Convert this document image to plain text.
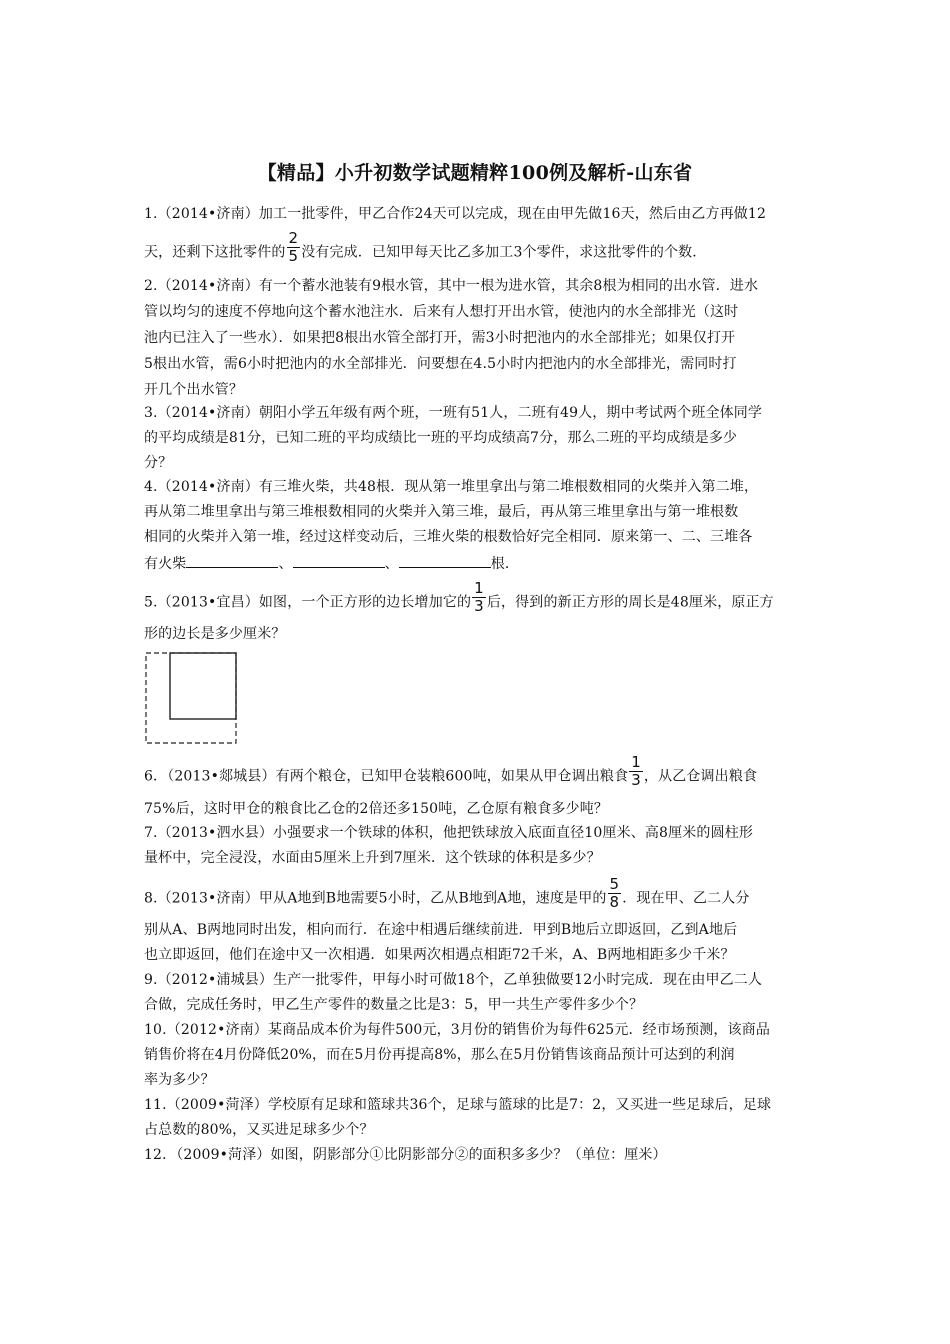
【精品】小升初数学试题精粹100例及解析-山东省
1.（2014•济南）加工一批零件，甲乙合作24天可以完成，现在由甲先做16天，然后由乙方再做12
天，还剩下这批零件的 $\frac{2}{5}$ 没有完成．已知甲每天比乙多加工3个零件，求这批零件的个数．
2.（2014•济南）有一个蓄水池装有9根水管，其中一根为进水管，其余8根为相同的出水管．进水
管以均匀的速度不停地向这个蓄水池注水．后来有人想打开出水管，使池内的水全部排光（这时
池内已注入了一些水）．如果把8根出水管全部打开，需3小时把池内的水全部排光；如果仅打开
5根出水管，需6小时把池内的水全部排光．问要想在4.5小时内把池内的水全部排光，需同时打
开几个出水管？
3.（2014•济南）朝阳小学五年级有两个班，一班有51人，二班有49人，期中考试两个班全体同学
的平均成绩是81分，已知二班的平均成绩比一班的平均成绩高7分，那么二班的平均成绩是多少
分？
4.（2014•济南）有三堆火柴，共48根．现从第一堆里拿出与第二堆根数相同的火柴并入第二堆，
再从第二堆里拿出与第三堆根数相同的火柴并入第三堆，最后，再从第三堆里拿出与第一堆根数
相同的火柴并入第一堆，经过这样变动后，三堆火柴的根数恰好完全相同．原来第一、二、三堆各
有火柴	、	、	根．
5.（2013•宜昌）如图，一个正方形的边长增加它的 $\frac{1}{3}$ 后，得到的新正方形的周长是48厘米，原正方
形的边长是多少厘米？
6．（2013•郯城县）有两个粮仓，已知甲仓装粮600吨，如果从甲仓调出粮食 $\frac{1}{3}$ ，从乙仓调出粮食
75%后，这时甲仓的粮食比乙仓的2倍还多150吨，乙仓原有粮食多少吨？
7.（2013•泗水县）小强要求一个铁球的体积，他把铁球放入底面直径10厘米、高8厘米的圆柱形
量杯中，完全浸没，水面由5厘米上升到7厘米．这个铁球的体积是多少？
8.（2013•济南）甲从A地到B地需要5小时，乙从B地到A地，速度是甲的 $\frac{5}{8}$ ．现在甲、乙二人分
别从A、B两地同时出发，相向而行．在途中相遇后继续前进．甲到B地后立即返回，乙到A地后
也立即返回，他们在途中又一次相遇．如果两次相遇点相距72千米，A、B两地相距多少千米？
9.（2012•浦城县）生产一批零件，甲每小时可做18个，乙单独做要12小时完成．现在由甲乙二人
合做，完成任务时，甲乙生产零件的数量之比是3：5，甲一共生产零件多少个？
10.（2012•济南）某商品成本价为每件500元，3月份的销售价为每件625元．经市场预测，该商品
销售价将在4月份降低20%，而在5月份再提高8%，那么在5月份销售该商品预计可达到的利润
率为多少？
11.（2009•菏泽）学校原有足球和篮球共36个，足球与篮球的比是7：2，又买进一些足球后，足球
占总数的80%，又买进足球多少个？
12．（2009•菏泽）如图，阴影部分①比阴影部分②的面积多多少？（单位：厘米）
